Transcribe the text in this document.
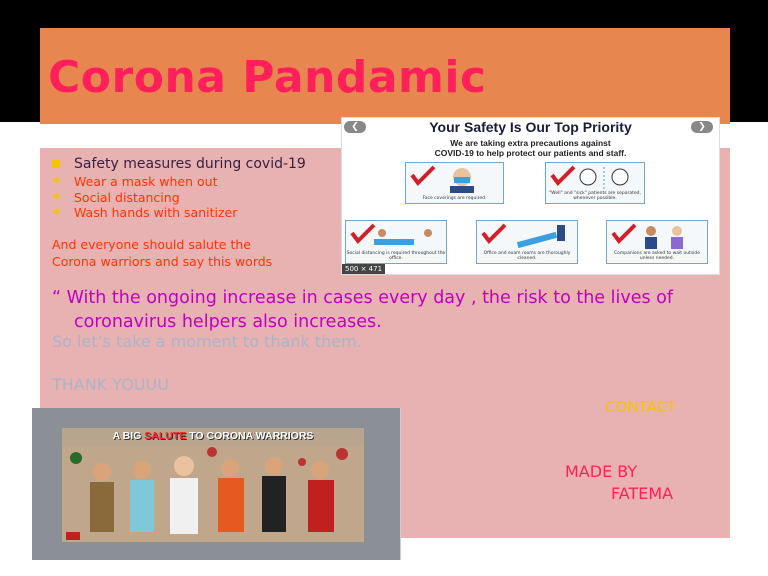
Corona Pandamic
Safety measures during covid-19
❖	Wear a mask when out
❖	Social distancing
❖	Wash hands with sanitizer
And everyone should salute the
Corona warriors and say this words
“ With the ongoing increase in cases every day , the risk to the lives of coronavirus helpers also increases.
So let’s take a moment to thank them.
THANK YOUUU
CONTACT
MADE BY
FATEMA
❮	❯
Your Safety Is Our Top Priority
We are taking extra precautions against
COVID-19 to help protect our patients and staff.
Face coverings are required.
"Well" and "sick" patients are separated, whenever possible.
Social distancing is required throughout the office.
Office and exam rooms are thoroughly cleaned.
Companions are asked to wait outside unless needed.
500 × 471
A BIG SALUTE TO CORONA WARRIORS
